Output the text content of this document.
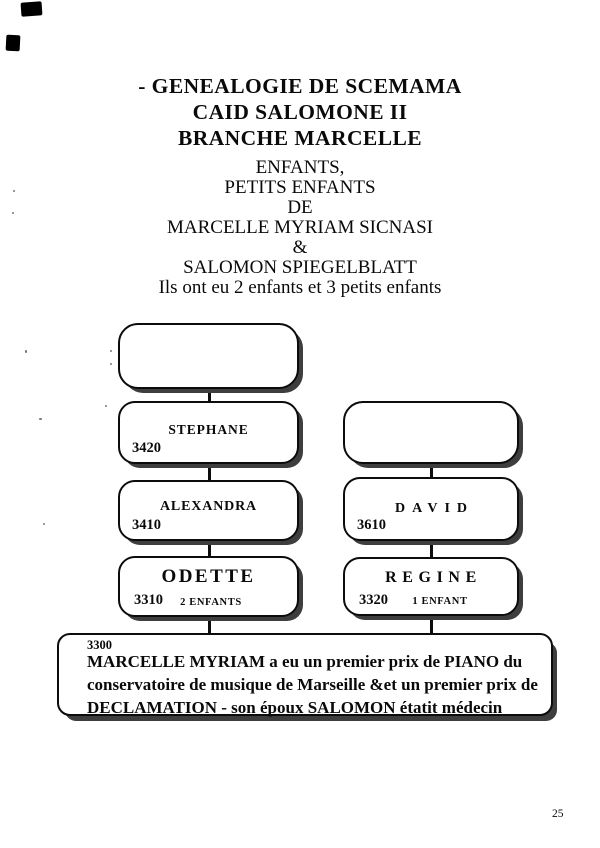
- GENEALOGIE DE SCEMAMA
CAID SALOMONE II
BRANCHE MARCELLE
ENFANTS,
PETITS ENFANTS
DE
MARCELLE MYRIAM SICNASI
&
SALOMON SPIEGELBLATT
Ils ont eu 2 enfants et 3 petits enfants
STEPHANE
3420
ALEXANDRA
3410
ODETTE
3310 2 ENFANTS
DAVID
3610
REGINE
3320 1 ENFANT
3300
MARCELLE MYRIAM a eu un premier prix de PIANO du
conservatoire de musique de Marseille &et un premier prix de
DECLAMATION - son époux SALOMON étatit médecin
25
